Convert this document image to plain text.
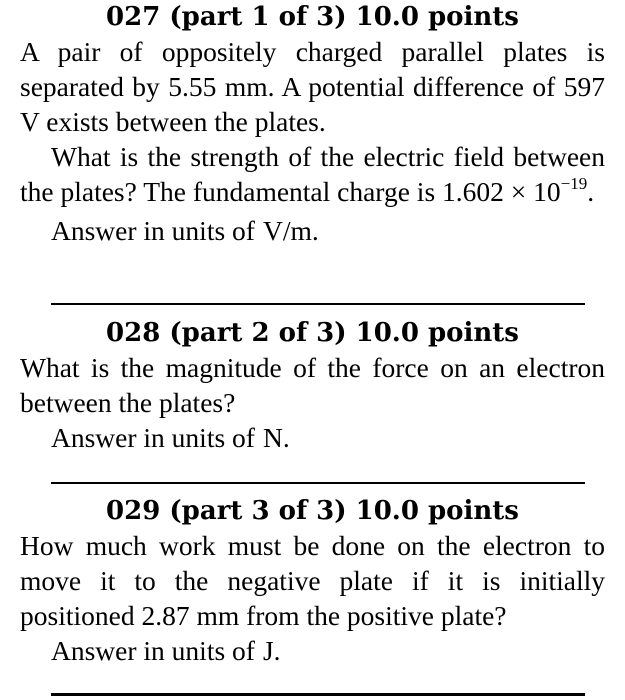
027 (part 1 of 3) 10.0 points

A pair of oppositely charged parallel plates is separated by 5.55 mm. A potential difference of 597 V exists between the plates.

What is the strength of the electric field between the plates? The fundamental charge is $1.602 \times 10^{-19}$.

Answer in units of V/m.

028 (part 2 of 3) 10.0 points

What is the magnitude of the force on an electron between the plates?

Answer in units of N.

029 (part 3 of 3) 10.0 points

How much work must be done on the electron to move it to the negative plate if it is initially positioned 2.87 mm from the positive plate?

Answer in units of J.
